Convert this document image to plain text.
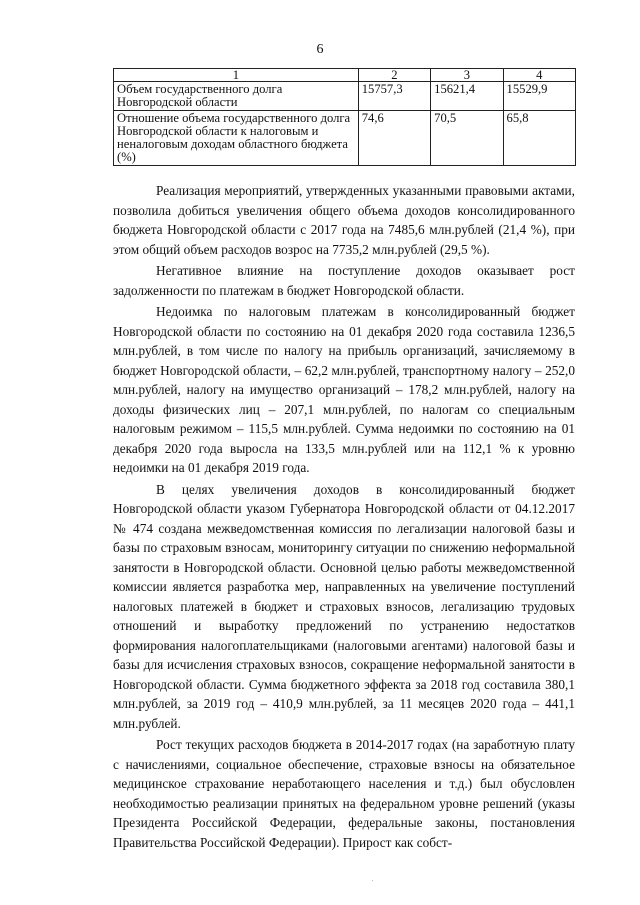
6
1	2	3	4
Объем государственного долга Новгородской области	15757,3	15621,4	15529,9
Отношение объема государственного долга Новгородской области к налоговым и неналоговым доходам областного бюджета (%)	74,6	70,5	65,8

Реализация мероприятий, утвержденных указанными правовыми актами, позволила добиться увеличения общего объема доходов консолидированного бюджета Новгородской области с 2017 года на 7485,6 млн.рублей (21,4 %), при этом общий объем расходов возрос на 7735,2 млн.рублей (29,5 %).

Негативное влияние на поступление доходов оказывает рост задолженности по платежам в бюджет Новгородской области.

Недоимка по налоговым платежам в консолидированный бюджет Новгородской области по состоянию на 01 декабря 2020 года составила 1236,5 млн.рублей, в том числе по налогу на прибыль организаций, зачисляемому в бюджет Новгородской области, – 62,2 млн.рублей, транспортному налогу – 252,0 млн.рублей, налогу на имущество организаций – 178,2 млн.рублей, налогу на доходы физических лиц – 207,1 млн.рублей, по налогам со специальным налоговым режимом – 115,5 млн.рублей. Сумма недоимки по состоянию на 01 декабря 2020 года выросла на 133,5 млн.рублей или на 112,1 % к уровню недоимки на 01 декабря 2019 года.

В целях увеличения доходов в консолидированный бюджет Новгородской области указом Губернатора Новгородской области от 04.12.2017 № 474 создана межведомственная комиссия по легализации налоговой базы и базы по страховым взносам, мониторингу ситуации по снижению неформальной занятости в Новгородской области. Основной целью работы межведомственной комиссии является разработка мер, направленных на увеличение поступлений налоговых платежей в бюджет и страховых взносов, легализацию трудовых отношений и выработку предложений по устранению недостатков формирования налогоплательщиками (налоговыми агентами) налоговой базы и базы для исчисления страховых взносов, сокращение неформальной занятости в Новгородской области. Сумма бюджетного эффекта за 2018 год составила 380,1 млн.рублей, за 2019 год – 410,9 млн.рублей, за 11 месяцев 2020 года – 441,1 млн.рублей.

Рост текущих расходов бюджета в 2014-2017 годах (на заработную плату с начислениями, социальное обеспечение, страховые взносы на обязательное медицинское страхование неработающего населения и т.д.) был обусловлен необходимостью реализации принятых на федеральном уровне решений (указы Президента Российской Федерации, федеральные законы, постановления Правительства Российской Федерации). Прирост как собст-
